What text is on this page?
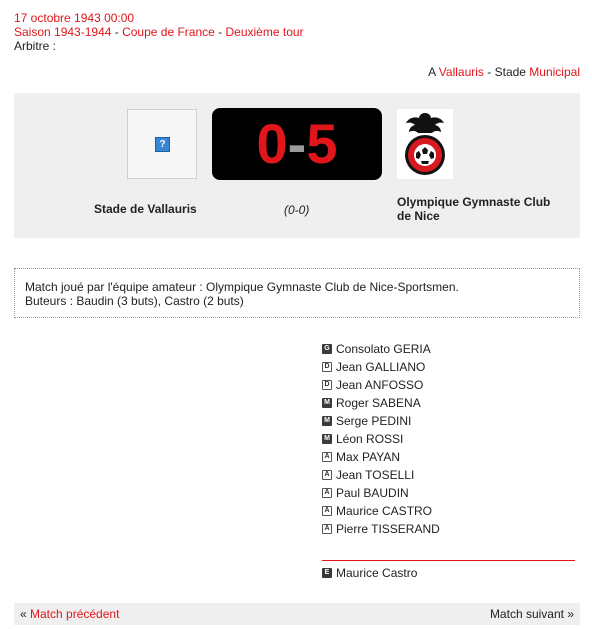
17 octobre 1943 00:00
Saison 1943-1944 - Coupe de France - Deuxième tour
Arbitre :
A Vallauris - Stade Municipal
?	0-5
Stade de Vallauris	(0-0)
Olympique Gymnaste Club de Nice
Match joué par l'équipe amateur : Olympique Gymnaste Club de Nice-Sportsmen.
Buteurs : Baudin (3 buts), Castro (2 buts)
G Consolato GERIA
D Jean GALLIANO
D Jean ANFOSSO
M Roger SABENA
M Serge PEDINI
M Léon ROSSI
A Max PAYAN
A Jean TOSELLI
A Paul BAUDIN
A Maurice CASTRO
A Pierre TISSERAND
E Maurice Castro
« Match précédent	Match suivant »
